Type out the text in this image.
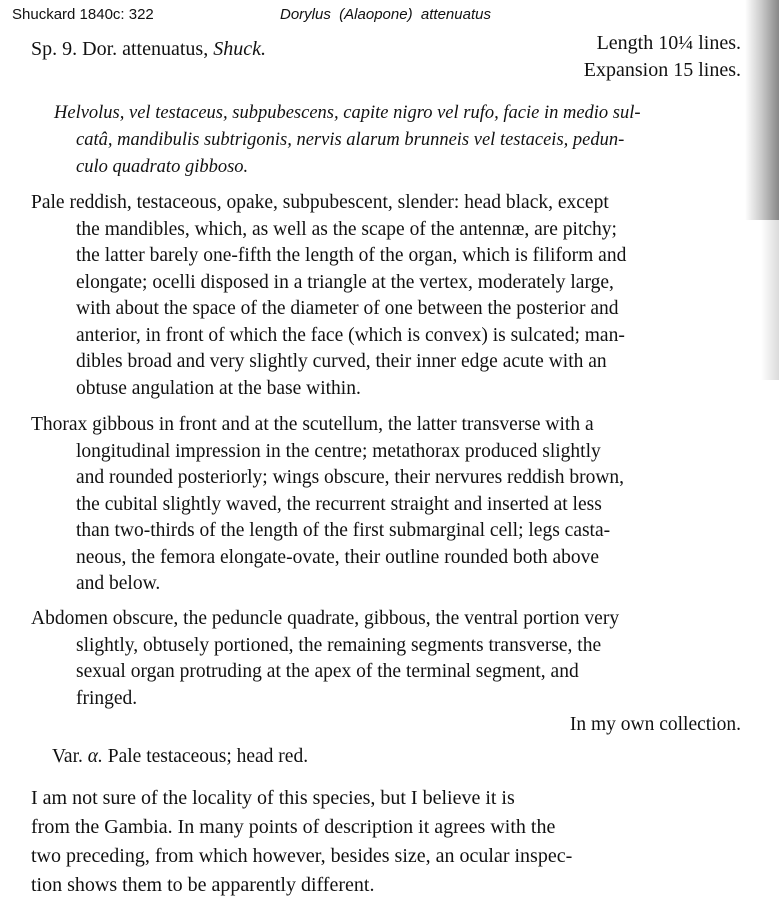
Shuckard 1840c: 322	Dorylus  (Alaopone)  attenuatus
Sp. 9. Dor. attenuatus, Shuck.	Length 10¼ lines.
Expansion 15 lines.
Helvolus, vel testaceus, subpubescens, capite nigro vel rufo, facie in medio sul-
catâ, mandibulis subtrigonis, nervis alarum brunneis vel testaceis, pedun-
culo quadrato gibboso.
Pale reddish, testaceous, opake, subpubescent, slender: head black, except
the mandibles, which, as well as the scape of the antennæ, are pitchy;
the latter barely one-fifth the length of the organ, which is filiform and
elongate; ocelli disposed in a triangle at the vertex, moderately large,
with about the space of the diameter of one between the posterior and
anterior, in front of which the face (which is convex) is sulcated; man-
dibles broad and very slightly curved, their inner edge acute with an
obtuse angulation at the base within.
Thorax gibbous in front and at the scutellum, the latter transverse with a
longitudinal impression in the centre; metathorax produced slightly
and rounded posteriorly; wings obscure, their nervures reddish brown,
the cubital slightly waved, the recurrent straight and inserted at less
than two-thirds of the length of the first submarginal cell; legs casta-
neous, the femora elongate-ovate, their outline rounded both above
and below.
Abdomen obscure, the peduncle quadrate, gibbous, the ventral portion very
slightly, obtusely portioned, the remaining segments transverse, the
sexual organ protruding at the apex of the terminal segment, and
fringed.
In my own collection.
Var. α. Pale testaceous; head red.
I am not sure of the locality of this species, but I believe it is
from the Gambia. In many points of description it agrees with the
two preceding, from which however, besides size, an ocular inspec-
tion shows them to be apparently different.
